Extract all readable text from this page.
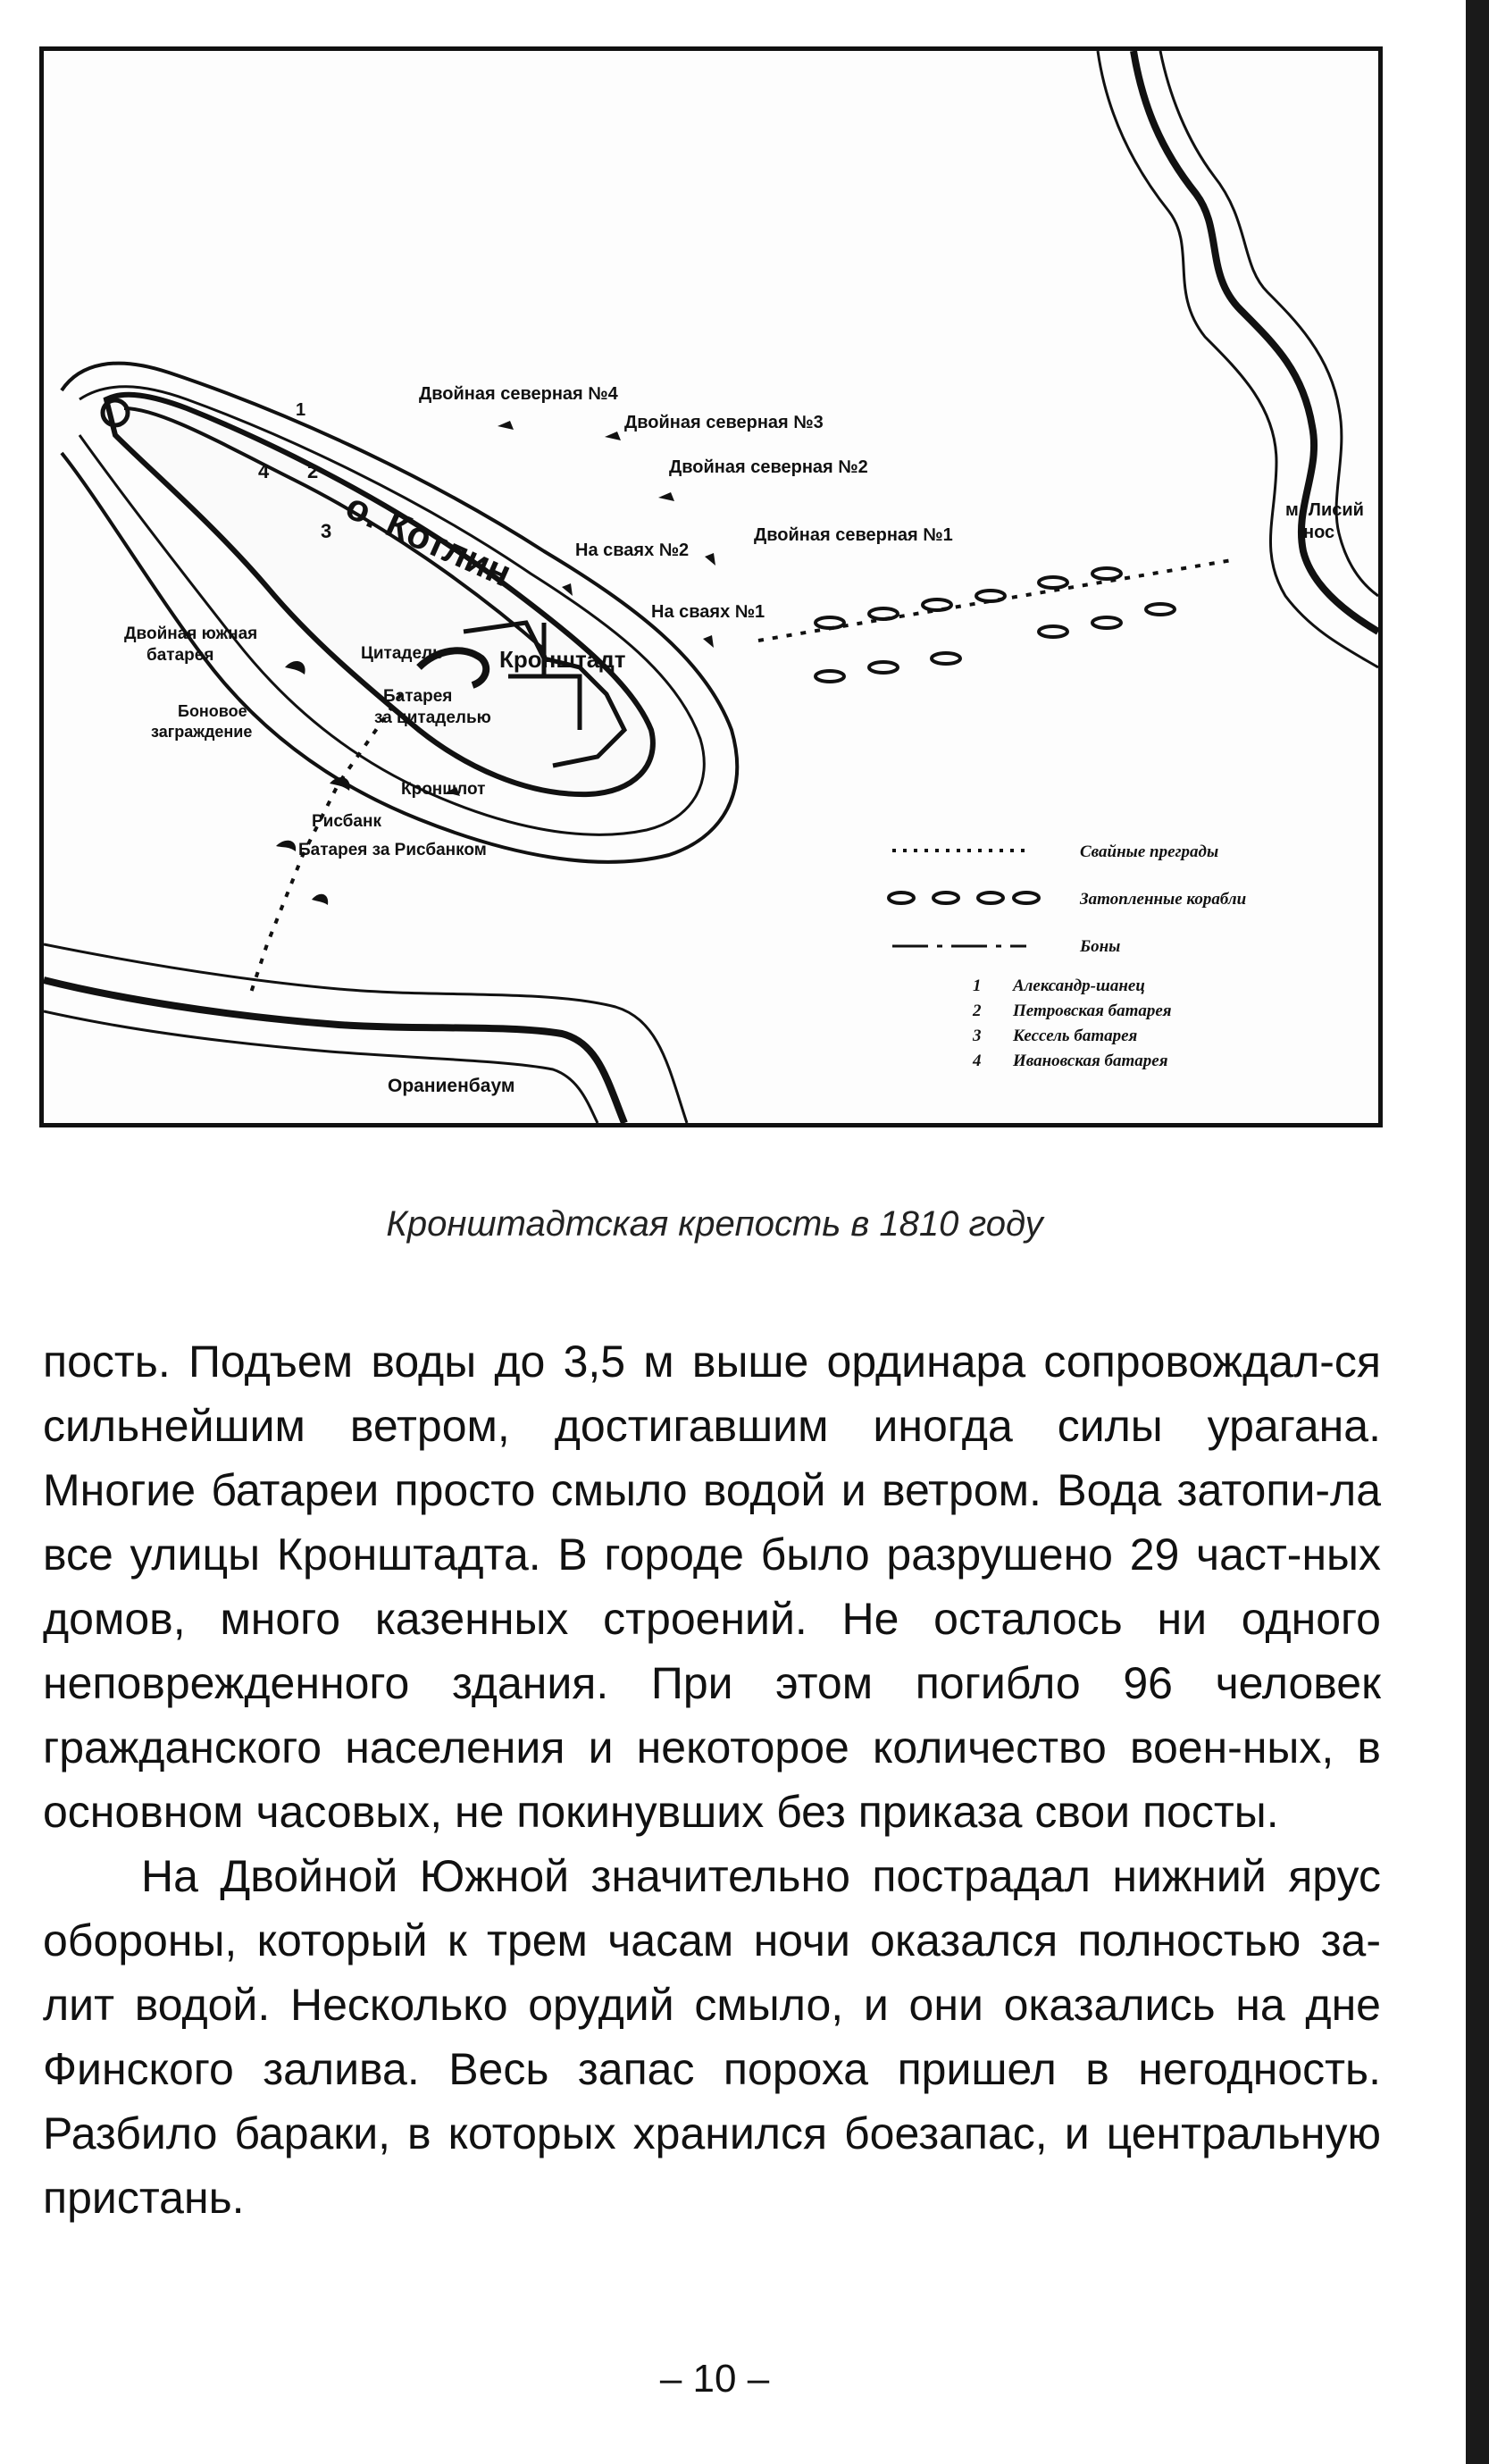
Двойная северная №4
Двойная северная №3
Двойная северная №2
Двойная северная №1
На сваях №2
На сваях №1
м. Лисий
нос
о. Котлин
Кронштадт
Двойная южная
батарея
Боновое
заграждение
Цитадель
Батарея
за цитаделью
Кроншлот
Рисбанк
Батарея за Рисбанком
Ораниенбаум
1
2
3
4
Свайные преграды
Затопленные корабли
Боны
1 Александр-шанец
2 Петровская батарея
3 Кессель батарея
4 Ивановская батарея
Кронштадтская крепость в 1810 году

пость. Подъем воды до 3,5 м выше ординара сопровождал-ся сильнейшим ветром, достигавшим иногда силы урагана. Многие батареи просто смыло водой и ветром. Вода затопи-ла все улицы Кронштадта. В городе было разрушено 29 част-ных домов, много казенных строений. Не осталось ни одного неповрежденного здания. При этом погибло 96 человек гражданского населения и некоторое количество воен-ных, в основном часовых, не покинувших без приказа свои посты.

На Двойной Южной значительно пострадал нижний ярус обороны, который к трем часам ночи оказался полностью за-лит водой. Несколько орудий смыло, и они оказались на дне Финского залива. Весь запас пороха пришел в негодность. Разбило бараки, в которых хранился боезапас, и центральную пристань.

– 10 –
